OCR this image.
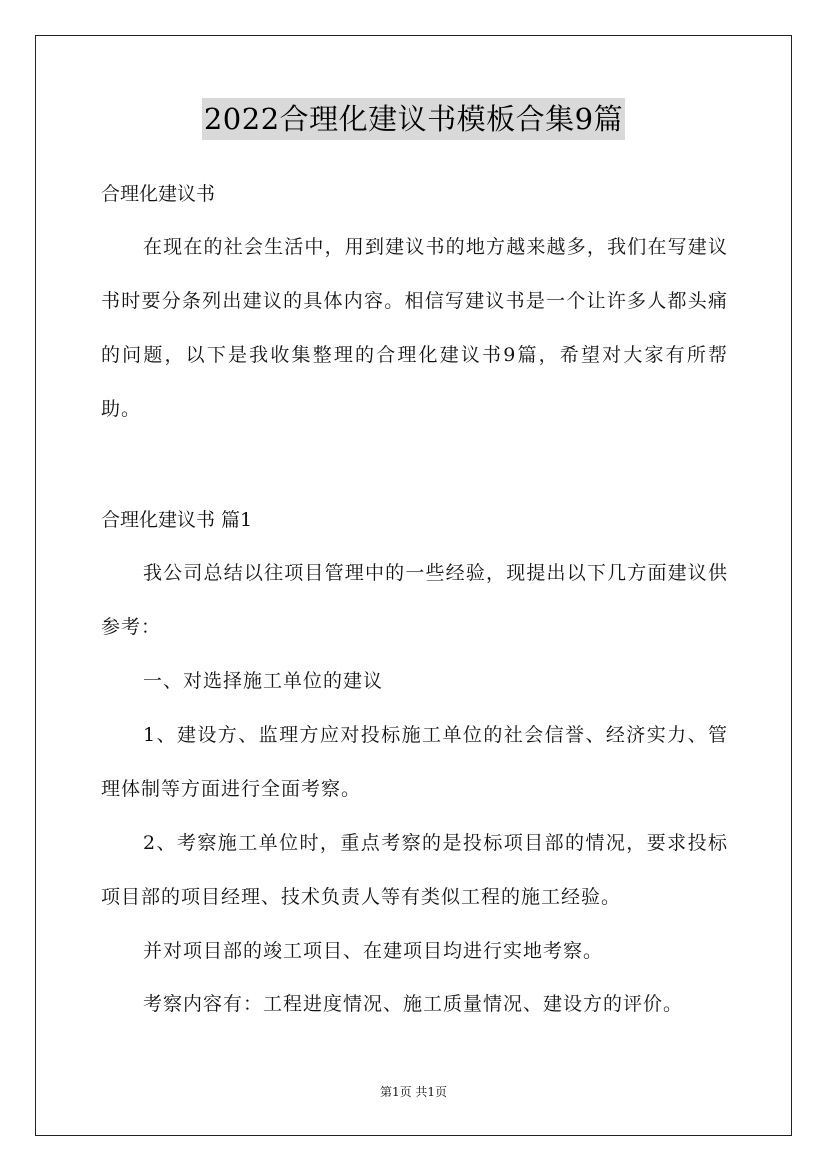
2022合理化建议书模板合集9篇
合理化建议书

在现在的社会生活中，用到建议书的地方越来越多，我们在写建议书时要分条列出建议的具体内容。相信写建议书是一个让许多人都头痛的问题，以下是我收集整理的合理化建议书9篇，希望对大家有所帮助。

合理化建议书 篇1

我公司总结以往项目管理中的一些经验，现提出以下几方面建议供参考：

一、对选择施工单位的建议

1、建设方、监理方应对投标施工单位的社会信誉、经济实力、管理体制等方面进行全面考察。

2、考察施工单位时，重点考察的是投标项目部的情况，要求投标项目部的项目经理、技术负责人等有类似工程的施工经验。

并对项目部的竣工项目、在建项目均进行实地考察。
考察内容有：工程进度情况、施工质量情况、建设方的评价。
第1页 共1页
